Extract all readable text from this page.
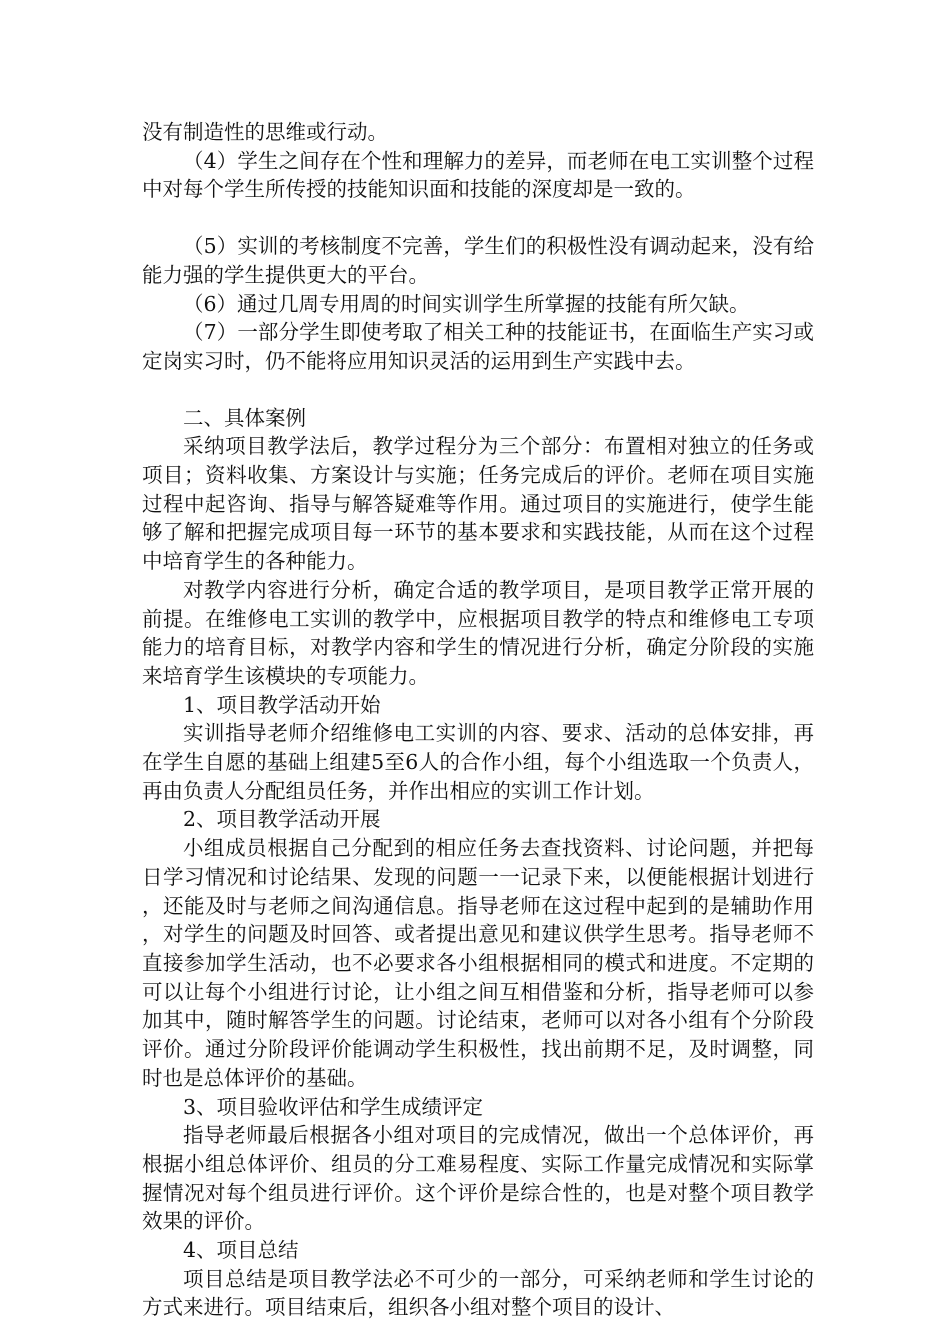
没有制造性的思维或行动。

（4）学生之间存在个性和理解力的差异，而老师在电工实训整个过程中对每个学生所传授的技能知识面和技能的深度却是一致的。

（5）实训的考核制度不完善，学生们的积极性没有调动起来，没有给能力强的学生提供更大的平台。

（6）通过几周专用周的时间实训学生所掌握的技能有所欠缺。

（7）一部分学生即使考取了相关工种的技能证书，在面临生产实习或定岗实习时，仍不能将应用知识灵活的运用到生产实践中去。

二、具体案例

采纳项目教学法后，教学过程分为三个部分：布置相对独立的任务或项目；资料收集、方案设计与实施；任务完成后的评价。老师在项目实施过程中起咨询、指导与解答疑难等作用。通过项目的实施进行，使学生能够了解和把握完成项目每一环节的基本要求和实践技能，从而在这个过程中培育学生的各种能力。

对教学内容进行分析，确定合适的教学项目，是项目教学正常开展的前提。在维修电工实训的教学中，应根据项目教学的特点和维修电工专项能力的培育目标，对教学内容和学生的情况进行分析，确定分阶段的实施来培育学生该模块的专项能力。

1、项目教学活动开始

实训指导老师介绍维修电工实训的内容、要求、活动的总体安排，再在学生自愿的基础上组建5至6人的合作小组，每个小组选取一个负责人，再由负责人分配组员任务，并作出相应的实训工作计划。

2、项目教学活动开展

小组成员根据自己分配到的相应任务去查找资料、讨论问题，并把每日学习情况和讨论结果、发现的问题一一记录下来，以便能根据计划进行，还能及时与老师之间沟通信息。指导老师在这过程中起到的是辅助作用，对学生的问题及时回答、或者提出意见和建议供学生思考。指导老师不直接参加学生活动，也不必要求各小组根据相同的模式和进度。不定期的可以让每个小组进行讨论，让小组之间互相借鉴和分析，指导老师可以参加其中，随时解答学生的问题。讨论结束，老师可以对各小组有个分阶段评价。通过分阶段评价能调动学生积极性，找出前期不足，及时调整，同时也是总体评价的基础。

3、项目验收评估和学生成绩评定

指导老师最后根据各小组对项目的完成情况，做出一个总体评价，再根据小组总体评价、组员的分工难易程度、实际工作量完成情况和实际掌握情况对每个组员进行评价。这个评价是综合性的，也是对整个项目教学效果的评价。

4、项目总结

项目总结是项目教学法必不可少的一部分，可采纳老师和学生讨论的方式来进行。项目结束后，组织各小组对整个项目的设计、
